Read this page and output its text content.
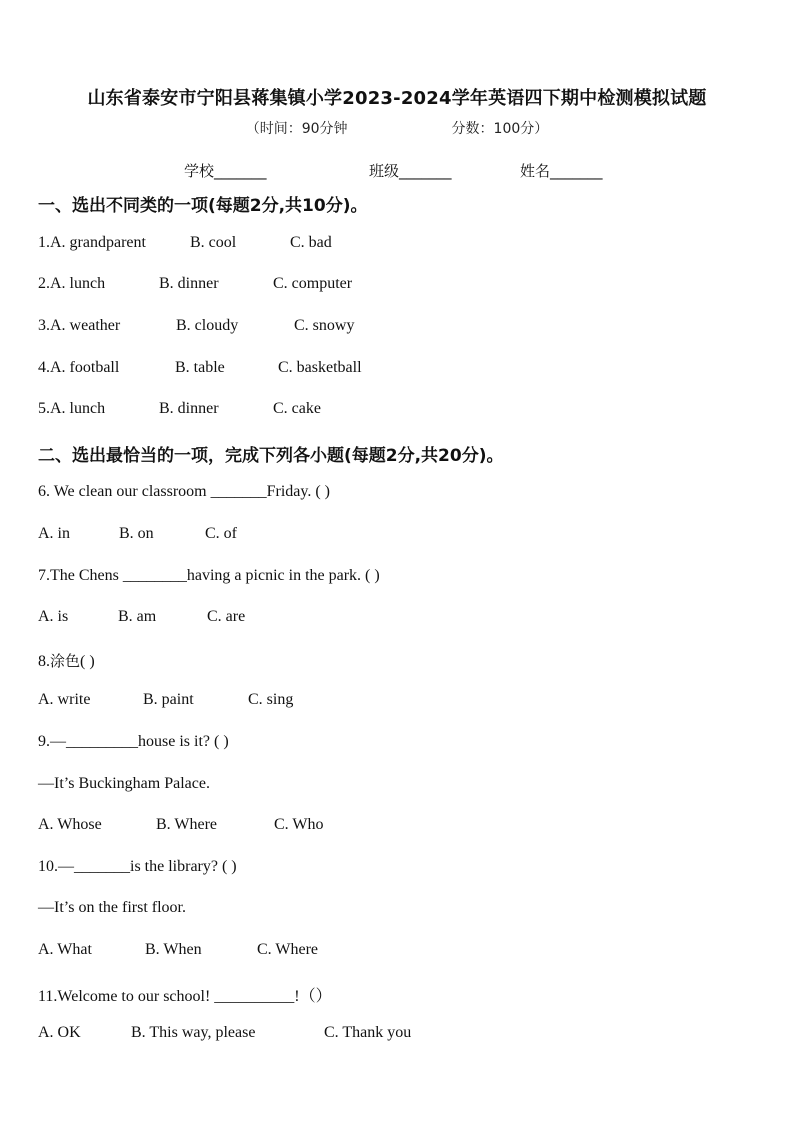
山东省泰安市宁阳县蒋集镇小学2023-2024学年英语四下期中检测模拟试题
（时间：90分钟	分数：100分）
学校_______	班级_______	姓名_______
一、选出不同类的一项(每题2分,共10分)。
1.A. grandparent	B. cool	C. bad
2.A. lunch	B. dinner	C. computer
3.A. weather	B. cloudy	C. snowy
4.A. football	B. table	C. basketball
5.A. lunch	B. dinner	C. cake
二、选出最恰当的一项，完成下列各小题(每题2分,共20分)。
6. We clean our classroom _______Friday. ( )
A. in	B. on	C. of
7.The Chens ________having a picnic in the park. ( )
A. is	B. am	C. are
8.涂色( )
A. write	B. paint	C. sing
9.—_________house is it? ( )
—It’s Buckingham Palace.
A. Whose	B. Where	C. Who
10.—_______is the library? ( )
—It’s on the first floor.
A. What	B. When	C. Where
11.Welcome to our school! __________!（）
A. OK	B. This way, please	C. Thank you
